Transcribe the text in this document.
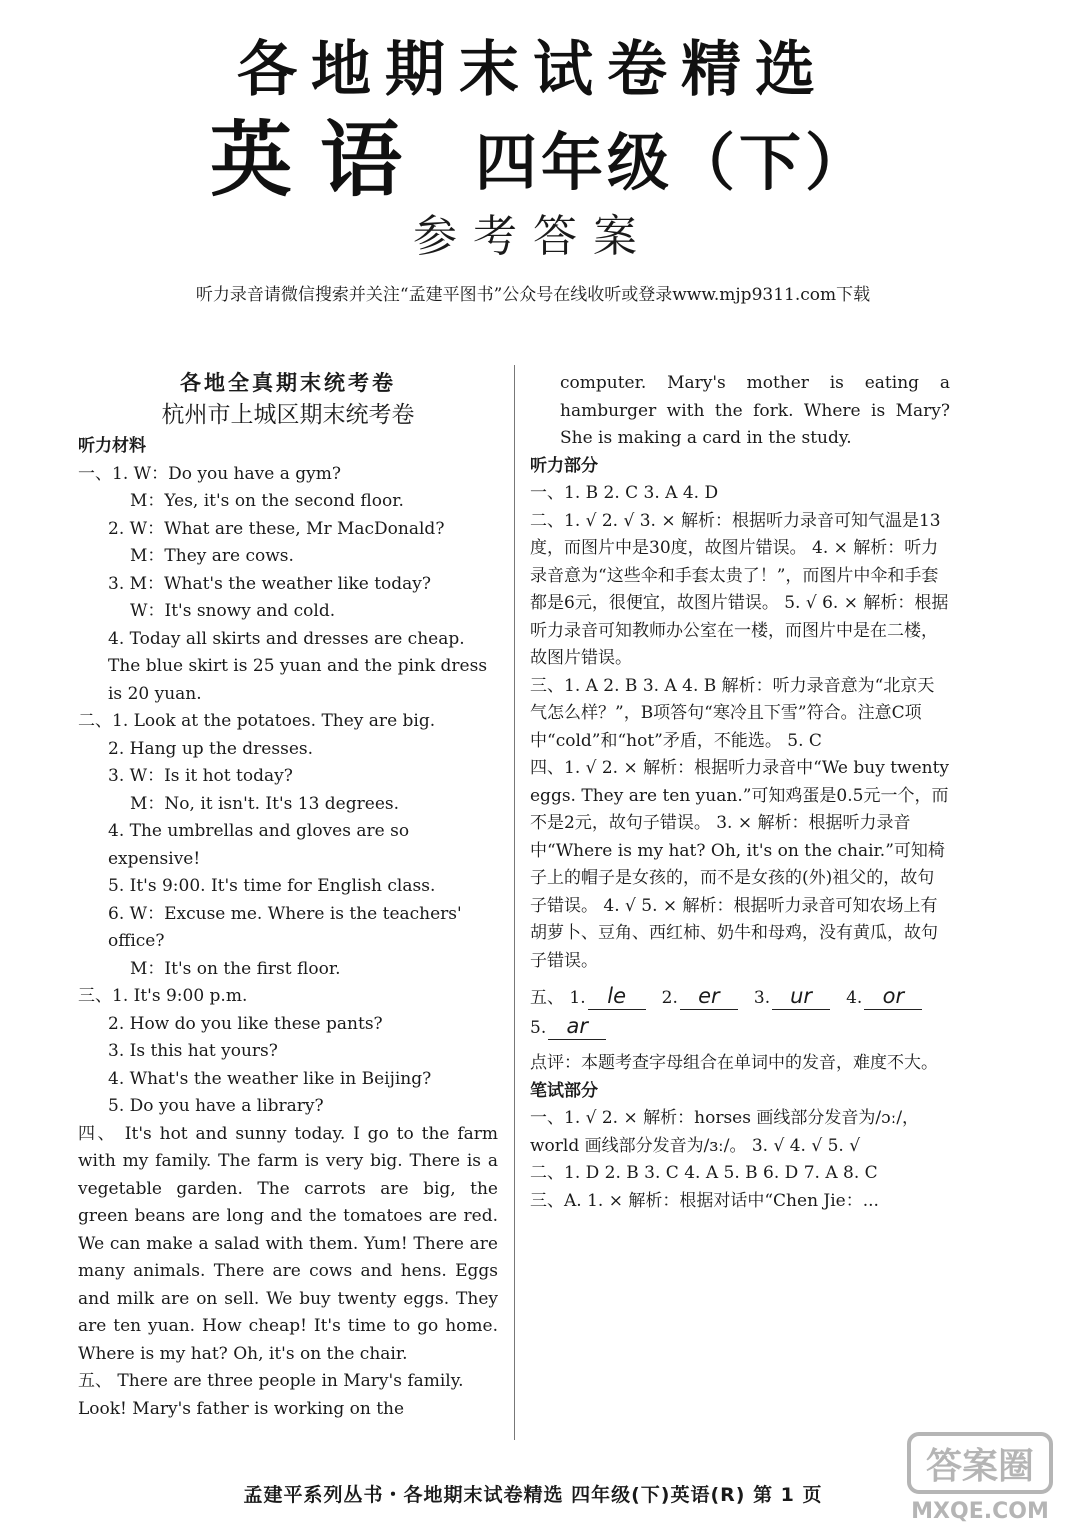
各地期末试卷精选
英语 四年级（下）
参考答案
听力录音请微信搜索并关注“孟建平图书”公众号在线收听或登录www.mjp9311.com下载
各地全真期末统考卷
杭州市上城区期末统考卷
听力材料
一、1. W：Do you have a gym?
M：Yes, it's on the second floor.
2. W：What are these, Mr MacDonald?
M：They are cows.
3. M：What's the weather like today?
W：It's snowy and cold.
4. Today all skirts and dresses are cheap. The blue skirt is 25 yuan and the pink dress is 20 yuan.
二、1. Look at the potatoes. They are big.
2. Hang up the dresses.
3. W：Is it hot today?
M：No, it isn't. It's 13 degrees.
4. The umbrellas and gloves are so expensive!
5. It's 9:00. It's time for English class.
6. W：Excuse me. Where is the teachers' office?
M：It's on the first floor.
三、1. It's 9:00 p.m.
2. How do you like these pants?
3. Is this hat yours?
4. What's the weather like in Beijing?
5. Do you have a library?
四、 It's hot and sunny today. I go to the farm with my family. The farm is very big. There is a vegetable garden. The carrots are big, the green beans are long and the tomatoes are red. We can make a salad with them. Yum! There are many animals. There are cows and hens. Eggs and milk are on sell. We buy twenty eggs. They are ten yuan. How cheap! It's time to go home. Where is my hat? Oh, it's on the chair.
五、 There are three people in Mary's family. Look! Mary's father is working on the
computer. Mary's mother is eating a hamburger with the fork. Where is Mary? She is making a card in the study.
听力部分
一、1. B 2. C 3. A 4. D
二、1. √ 2. √ 3. × 解析：根据听力录音可知气温是13度，而图片中是30度，故图片错误。 4. × 解析：听力录音意为“这些伞和手套太贵了！”，而图片中伞和手套都是6元，很便宜，故图片错误。 5. √ 6. × 解析：根据听力录音可知教师办公室在一楼，而图片中是在二楼，故图片错误。
三、1. A 2. B 3. A 4. B 解析：听力录音意为“北京天气怎么样？”，B项答句“寒冷且下雪”符合。注意C项中“cold”和“hot”矛盾，不能选。 5. C
四、1. √ 2. × 解析：根据听力录音中“We buy twenty eggs. They are ten yuan.”可知鸡蛋是0.5元一个，而不是2元，故句子错误。 3. × 解析：根据听力录音中“Where is my hat? Oh, it's on the chair.”可知椅子上的帽子是女孩的，而不是女孩的(外)祖父的，故句子错误。 4. √ 5. × 解析：根据听力录音可知农场上有胡萝卜、豆角、西红柿、奶牛和母鸡，没有黄瓜，故句子错误。
五、 1. le 2. er 3. ur 4. or5. ar
点评：本题考查字母组合在单词中的发音，难度不大。
笔试部分
一、1. √ 2. × 解析：horses 画线部分发音为/ɔː/，world 画线部分发音为/ɜː/。 3. √ 4. √ 5. √
二、1. D 2. B 3. C 4. A 5. B 6. D 7. A 8. C
三、A. 1. × 解析：根据对话中“Chen Jie：...
孟建平系列丛书・各地期末试卷精选 四年级(下)英语(R) 第 1 页
答案圈
MXQE.COM
